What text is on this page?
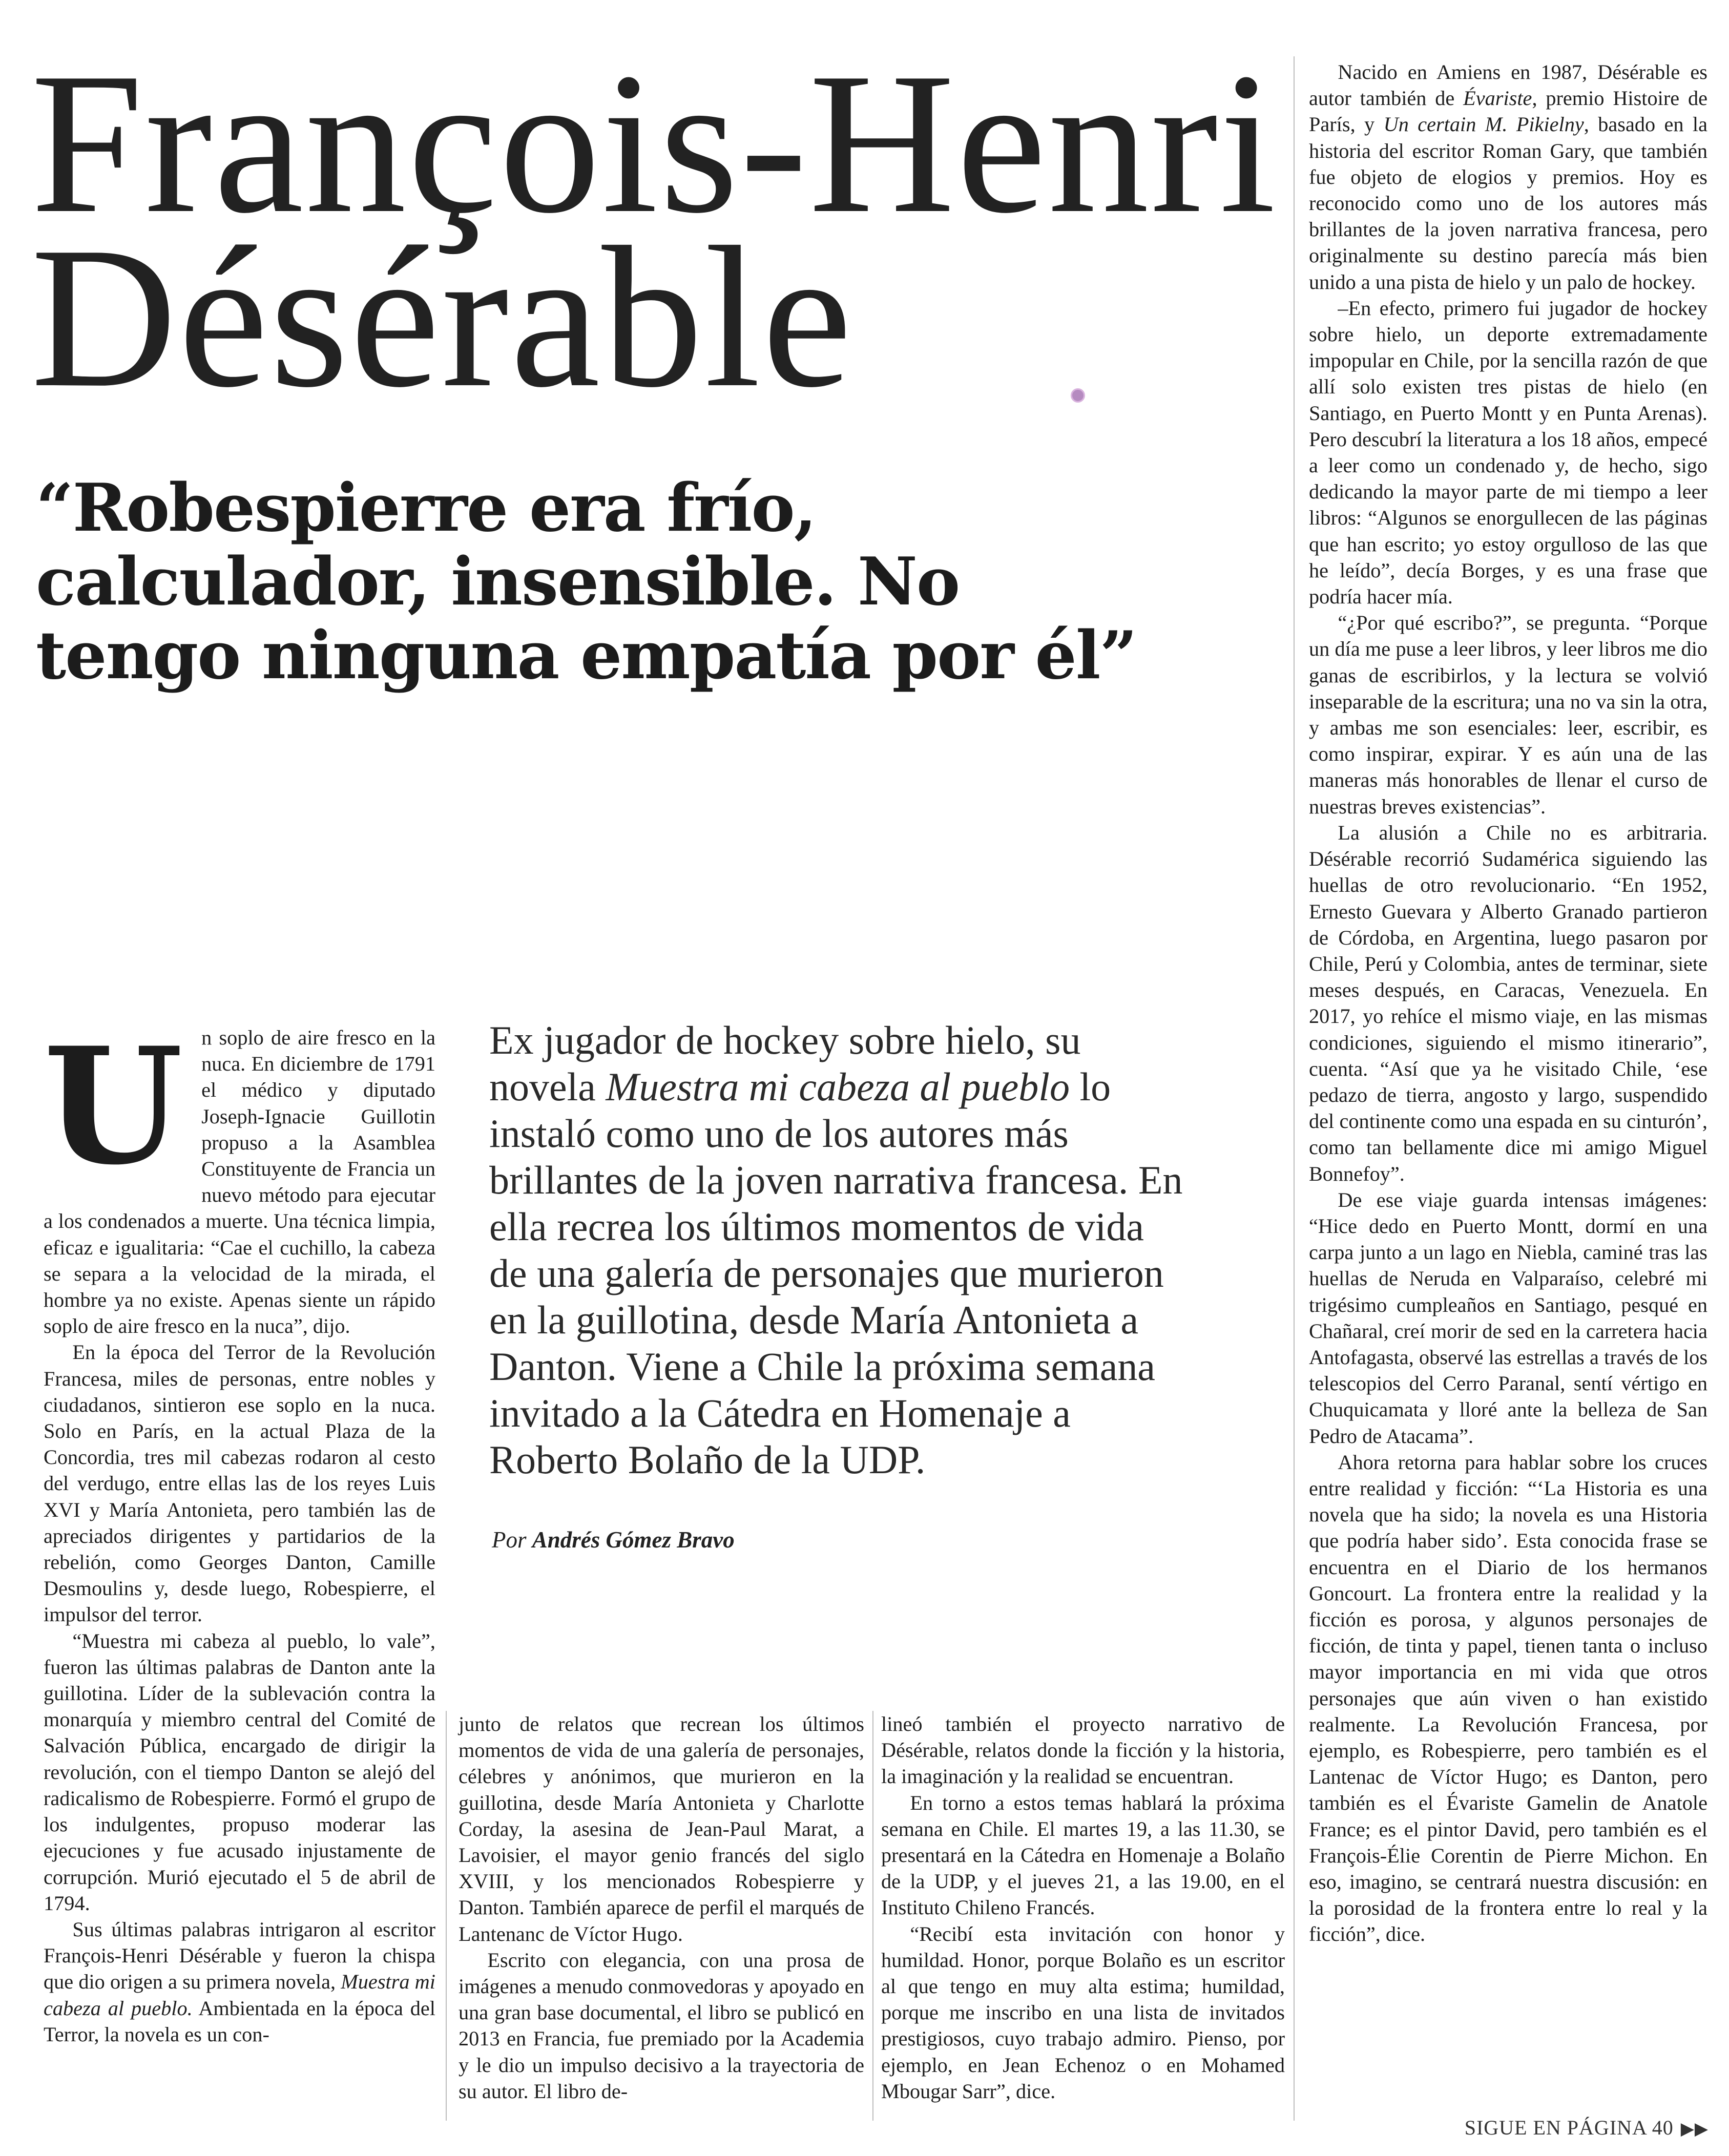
François-Henri
Désérable
“Robespierre era frío,
calculador, insensible. No
tengo ninguna empatía por él”
Ex jugador de hockey sobre hielo, su
novela Muestra mi cabeza al pueblo lo
instaló como uno de los autores más
brillantes de la joven narrativa francesa. En
ella recrea los últimos momentos de vida
de una galería de personajes que murieron
en la guillotina, desde María Antonieta a
Danton. Viene a Chile la próxima semana
invitado a la Cátedra en Homenaje a
Roberto Bolaño de la UDP.
Por Andrés Gómez Bravo

Un soplo de aire fresco en la nuca. En diciembre de 1791 el médico y diputado Joseph-Ignacie Guillotin propuso a la Asamblea Constituyente de Francia un nuevo método para ejecutar a los condenados a muerte. Una técnica limpia, eficaz e igualitaria: “Cae el cuchillo, la cabeza se separa a la velocidad de la mirada, el hombre ya no existe. Apenas siente un rápido soplo de aire fresco en la nuca”, dijo.

En la época del Terror de la Revolución Francesa, miles de personas, entre nobles y ciudadanos, sintieron ese soplo en la nuca. Solo en París, en la actual Plaza de la Concordia, tres mil cabezas rodaron al cesto del verdugo, entre ellas las de los reyes Luis XVI y María Antonieta, pero también las de apreciados dirigentes y partidarios de la rebelión, como Georges Danton, Camille Desmoulins y, desde luego, Robespierre, el impulsor del terror.

“Muestra mi cabeza al pueblo, lo vale”, fueron las últimas palabras de Danton ante la guillotina. Líder de la sublevación contra la monarquía y miembro central del Comité de Salvación Pública, encargado de dirigir la revolución, con el tiempo Danton se alejó del radicalismo de Robespierre. Formó el grupo de los indulgentes, propuso moderar las ejecuciones y fue acusado injustamente de corrupción. Murió ejecutado el 5 de abril de 1794.

Sus últimas palabras intrigaron al escritor François-Henri Désérable y fueron la chispa que dio origen a su primera novela, Muestra mi cabeza al pueblo. Ambientada en la época del Terror, la novela es un con-

junto de relatos que recrean los últimos momentos de vida de una galería de personajes, célebres y anónimos, que murieron en la guillotina, desde María Antonieta y Charlotte Corday, la asesina de Jean-Paul Marat, a Lavoisier, el mayor genio francés del siglo XVIII, y los mencionados Robespierre y Danton. También aparece de perfil el marqués de Lantenanc de Víctor Hugo.

Escrito con elegancia, con una prosa de imágenes a menudo conmovedoras y apoyado en una gran base documental, el libro se publicó en 2013 en Francia, fue premiado por la Academia y le dio un impulso decisivo a la trayectoria de su autor. El libro de-

lineó también el proyecto narrativo de Désérable, relatos donde la ficción y la historia, la imaginación y la realidad se encuentran.

En torno a estos temas hablará la próxima semana en Chile. El martes 19, a las 11.30, se presentará en la Cátedra en Homenaje a Bolaño de la UDP, y el jueves 21, a las 19.00, en el Instituto Chileno Francés.

“Recibí esta invitación con honor y humildad. Honor, porque Bolaño es un escritor al que tengo en muy alta estima; humildad, porque me inscribo en una lista de invitados prestigiosos, cuyo trabajo admiro. Pienso, por ejemplo, en Jean Echenoz o en Mohamed Mbougar Sarr”, dice.

Nacido en Amiens en 1987, Désérable es autor también de Évariste, premio Histoire de París, y Un certain M. Pikielny, basado en la historia del escritor Roman Gary, que también fue objeto de elogios y premios. Hoy es reconocido como uno de los autores más brillantes de la joven narrativa francesa, pero originalmente su destino parecía más bien unido a una pista de hielo y un palo de hockey.

–En efecto, primero fui jugador de hockey sobre hielo, un deporte extremadamente impopular en Chile, por la sencilla razón de que allí solo existen tres pistas de hielo (en Santiago, en Puerto Montt y en Punta Arenas). Pero descubrí la literatura a los 18 años, empecé a leer como un condenado y, de hecho, sigo dedicando la mayor parte de mi tiempo a leer libros: “Algunos se enorgullecen de las páginas que han escrito; yo estoy orgulloso de las que he leído”, decía Borges, y es una frase que podría hacer mía.

“¿Por qué escribo?”, se pregunta. “Porque un día me puse a leer libros, y leer libros me dio ganas de escribirlos, y la lectura se volvió inseparable de la escritura; una no va sin la otra, y ambas me son esenciales: leer, escribir, es como inspirar, expirar. Y es aún una de las maneras más honorables de llenar el curso de nuestras breves existencias”.

La alusión a Chile no es arbitraria. Désérable recorrió Sudamérica siguiendo las huellas de otro revolucionario. “En 1952, Ernesto Guevara y Alberto Granado partieron de Córdoba, en Argentina, luego pasaron por Chile, Perú y Colombia, antes de terminar, siete meses después, en Caracas, Venezuela. En 2017, yo rehíce el mismo viaje, en las mismas condiciones, siguiendo el mismo itinerario”, cuenta. “Así que ya he visitado Chile, ‘ese pedazo de tierra, angosto y largo, suspendido del continente como una espada en su cinturón’, como tan bellamente dice mi amigo Miguel Bonnefoy”.

De ese viaje guarda intensas imágenes: “Hice dedo en Puerto Montt, dormí en una carpa junto a un lago en Niebla, caminé tras las huellas de Neruda en Valparaíso, celebré mi trigésimo cumpleaños en Santiago, pesqué en Chañaral, creí morir de sed en la carretera hacia Antofagasta, observé las estrellas a través de los telescopios del Cerro Paranal, sentí vértigo en Chuquicamata y lloré ante la belleza de San Pedro de Atacama”.

Ahora retorna para hablar sobre los cruces entre realidad y ficción: “‘La Historia es una novela que ha sido; la novela es una Historia que podría haber sido’. Esta conocida frase se encuentra en el Diario de los hermanos Goncourt. La frontera entre la realidad y la ficción es porosa, y algunos personajes de ficción, de tinta y papel, tienen tanta o incluso mayor importancia en mi vida que otros personajes que aún viven o han existido realmente. La Revolución Francesa, por ejemplo, es Robespierre, pero también es el Lantenac de Víctor Hugo; es Danton, pero también es el Évariste Gamelin de Anatole France; es el pintor David, pero también es el François-Élie Corentin de Pierre Michon. En eso, imagino, se centrará nuestra discusión: en la porosidad de la frontera entre lo real y la ficción”, dice.

SIGUE EN PÁGINA 40 ▶▶
